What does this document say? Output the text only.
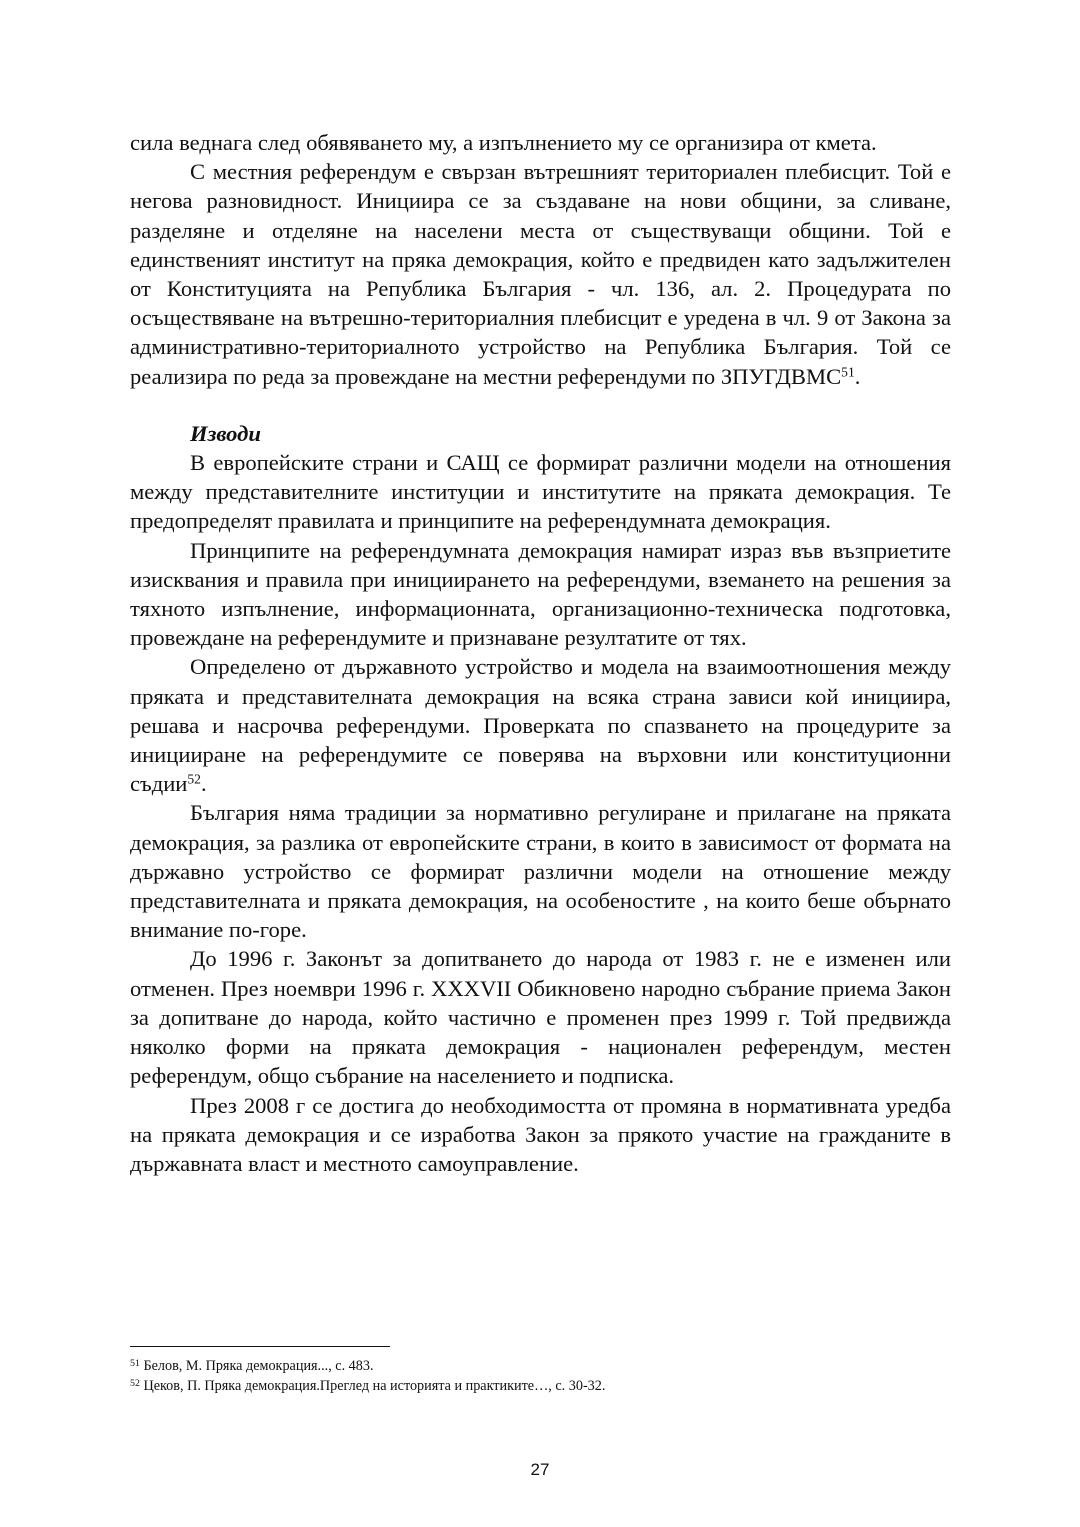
сила веднага след обявяването му, а изпълнението му се организира от кмета.

С местния референдум е свързан вътрешният териториален плебисцит. Той е негова разновидност. Инициира се за създаване на нови общини, за сливане, разделяне и отделяне на населени места от съществуващи общини. Той е единственият институт на пряка демокрация, който е предвиден като задължителен от Конституцията на Република България - чл. 136, ал. 2. Процедурата по осъществяване на вътрешно-териториалния плебисцит е уредена в чл. 9 от Закона за административно-териториалното устройство на Република България. Той се реализира по реда за провеждане на местни референдуми по ЗПУГДВМС$^{51}$.

Изводи

В европейските страни и САЩ се формират различни модели на отношения между представителните институции и институтите на пряката демокрация. Те предопределят правилата и принципите на референдумната демокрация.

Принципите на референдумната демокрация намират израз във възприетите изисквания и правила при инициирането на референдуми, вземането на решения за тяхното изпълнение, информационната, организационно-техническа подготовка, провеждане на референдумите и признаване резултатите от тях.

Определено от държавното устройство и модела на взаимоотношения между пряката и представителната демокрация на всяка страна зависи кой инициира, решава и насрочва референдуми. Проверката по спазването на процедурите за иницииране на референдумите се поверява на върховни или конституционни съдии$^{52}$.

България няма традиции за нормативно регулиране и прилагане на пряката демокрация, за разлика от европейските страни, в които в зависимост от формата на държавно устройство се формират различни модели на отношение между представителната и пряката демокрация, на особеностите , на които беше обърнато внимание по-горе.

До 1996 г. Законът за допитването до народа от 1983 г. не е изменен или отменен. През ноември 1996 г. XXXVII Обикновено народно събрание приема Закон за допитване до народа, който частично е променен през 1999 г. Той предвижда няколко форми на пряката демокрация - национален референдум, местен референдум, общо събрание на населението и подписка.

През 2008 г се достига до необходимостта от промяна в нормативната уредба на пряката демокрация и се изработва Закон за прякото участие на гражданите в държавната власт и местното самоуправление.

$^{51}$ Белов, М. Пряка демокрация..., с. 483.
$^{52}$ Цеков, П. Пряка демокрация.Преглед на историята и практиките…, с. 30-32.
27
